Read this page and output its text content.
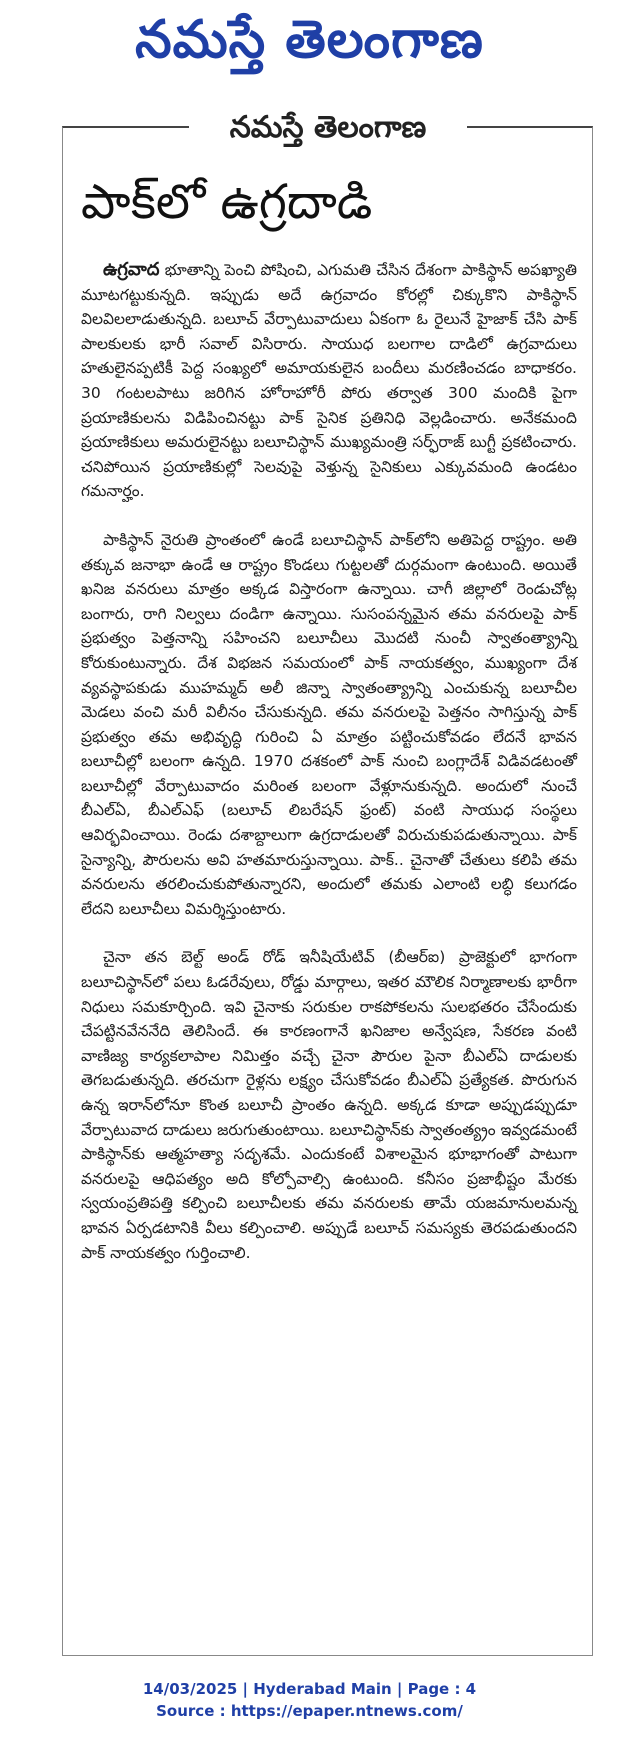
నమస్తే తెలంగాణ
నమస్తే తెలంగాణ
పాక్‌లో ఉగ్రదాడి

ఉగ్రవాద భూతాన్ని పెంచి పోషించి, ఎగుమతి చేసిన దేశంగా పాకిస్థాన్ అపఖ్యాతి మూటగట్టుకున్నది. ఇప్పుడు అదే ఉగ్రవాదం కోరల్లో చిక్కుకొని పాకిస్థాన్ విలవిలలాడుతున్నది. బలూచ్ వేర్పాటువాదులు ఏకంగా ఓ రైలునే హైజాక్ చేసి పాక్ పాలకులకు భారీ సవాల్ విసిరారు. సాయుధ బలగాల దాడిలో ఉగ్రవాదులు హతులైనప్పటికీ పెద్ద సంఖ్యలో అమాయకులైన బందీలు మరణించడం బాధాకరం. 30 గంటలపాటు జరిగిన హోరాహోరీ పోరు తర్వాత 300 మందికి పైగా ప్రయాణికులను విడిపించినట్టు పాక్ సైనిక ప్రతినిధి వెల్లడించారు. అనేకమంది ప్రయాణికులు అమరులైనట్టు బలూచిస్థాన్ ముఖ్యమంత్రి సర్ఫ్‌రాజ్ బుగ్టీ ప్రకటించారు. చనిపోయిన ప్రయాణికుల్లో సెలవుపై వెళ్తున్న సైనికులు ఎక్కువమంది ఉండటం గమనార్హం.

పాకిస్థాన్ నైరుతి ప్రాంతంలో ఉండే బలూచిస్థాన్ పాక్‌లోని అతిపెద్ద రాష్ట్రం. అతి తక్కువ జనాభా ఉండే ఆ రాష్ట్రం కొండలు గుట్టలతో దుర్గమంగా ఉంటుంది. అయితే ఖనిజ వనరులు మాత్రం అక్కడ విస్తారంగా ఉన్నాయి. చాగీ జిల్లాలో రెండుచోట్ల బంగారు, రాగి నిల్వలు దండిగా ఉన్నాయి. సుసంపన్నమైన తమ వనరులపై పాక్ ప్రభుత్వం పెత్తనాన్ని సహించని బలూచీలు మొదటి నుంచీ స్వాతంత్య్రాన్ని కోరుకుంటున్నారు. దేశ విభజన సమయంలో పాక్ నాయకత్వం, ముఖ్యంగా దేశ వ్యవస్థాపకుడు ముహమ్మద్ అలీ జిన్నా స్వాతంత్య్రాన్ని ఎంచుకున్న బలూచీల మెడలు వంచి మరీ విలీనం చేసుకున్నది. తమ వనరులపై పెత్తనం సాగిస్తున్న పాక్ ప్రభుత్వం తమ అభివృద్ధి గురించి ఏ మాత్రం పట్టించుకోవడం లేదనే భావన బలూచీల్లో బలంగా ఉన్నది. 1970 దశకంలో పాక్ నుంచి బంగ్లాదేశ్ విడివడటంతో బలూచీల్లో వేర్పాటువాదం మరింత బలంగా వేళ్లూనుకున్నది. అందులో నుంచే బీఎల్ఏ, బీఎల్ఎఫ్ (బలూచ్ లిబరేషన్ ఫ్రంట్) వంటి సాయుధ సంస్థలు ఆవిర్భవించాయి. రెండు దశాబ్దాలుగా ఉగ్రదాడులతో విరుచుకుపడుతున్నాయి. పాక్ సైన్యాన్ని, పౌరులను అవి హతమారుస్తున్నాయి. పాక్.. చైనాతో చేతులు కలిపి తమ వనరులను తరలించుకుపోతున్నారని, అందులో తమకు ఎలాంటి లబ్ధి కలుగడం లేదని బలూచీలు విమర్శిస్తుంటారు.

చైనా తన బెల్ట్ అండ్ రోడ్ ఇనీషియేటివ్ (బీఆర్ఐ) ప్రాజెక్టులో భాగంగా బలూచిస్థాన్‌లో పలు ఓడరేవులు, రోడ్డు మార్గాలు, ఇతర మౌలిక నిర్మాణాలకు భారీగా నిధులు సమకూర్చింది. ఇవి చైనాకు సరుకుల రాకపోకలను సులభతరం చేసేందుకు చేపట్టినవేననేది తెలిసిందే. ఈ కారణంగానే ఖనిజాల అన్వేషణ, సేకరణ వంటి వాణిజ్య కార్యకలాపాల నిమిత్తం వచ్చే చైనా పౌరుల పైనా బీఎల్ఏ దాడులకు తెగబడుతున్నది. తరచుగా రైళ్లను లక్ష్యం చేసుకోవడం బీఎల్ఏ ప్రత్యేకత. పొరుగున ఉన్న ఇరాన్‌లోనూ కొంత బలూచీ ప్రాంతం ఉన్నది. అక్కడ కూడా అప్పుడప్పుడూ వేర్పాటువాద దాడులు జరుగుతుంటాయి. బలూచిస్థాన్‌కు స్వాతంత్య్రం ఇవ్వడమంటే పాకిస్థాన్‌కు ఆత్మహత్యా సదృశమే. ఎందుకంటే విశాలమైన భూభాగంతో పాటుగా వనరులపై ఆధిపత్యం అది కోల్పోవాల్సి ఉంటుంది. కనీసం ప్రజాభీష్టం మేరకు స్వయంప్రతిపత్తి కల్పించి బలూచీలకు తమ వనరులకు తామే యజమానులమన్న భావన ఏర్పడటానికి వీలు కల్పించాలి. అప్పుడే బలూచ్ సమస్యకు తెరపడుతుందని పాక్ నాయకత్వం గుర్తించాలి.

14/03/2025 | Hyderabad Main | Page : 4
Source : https://epaper.ntnews.com/
